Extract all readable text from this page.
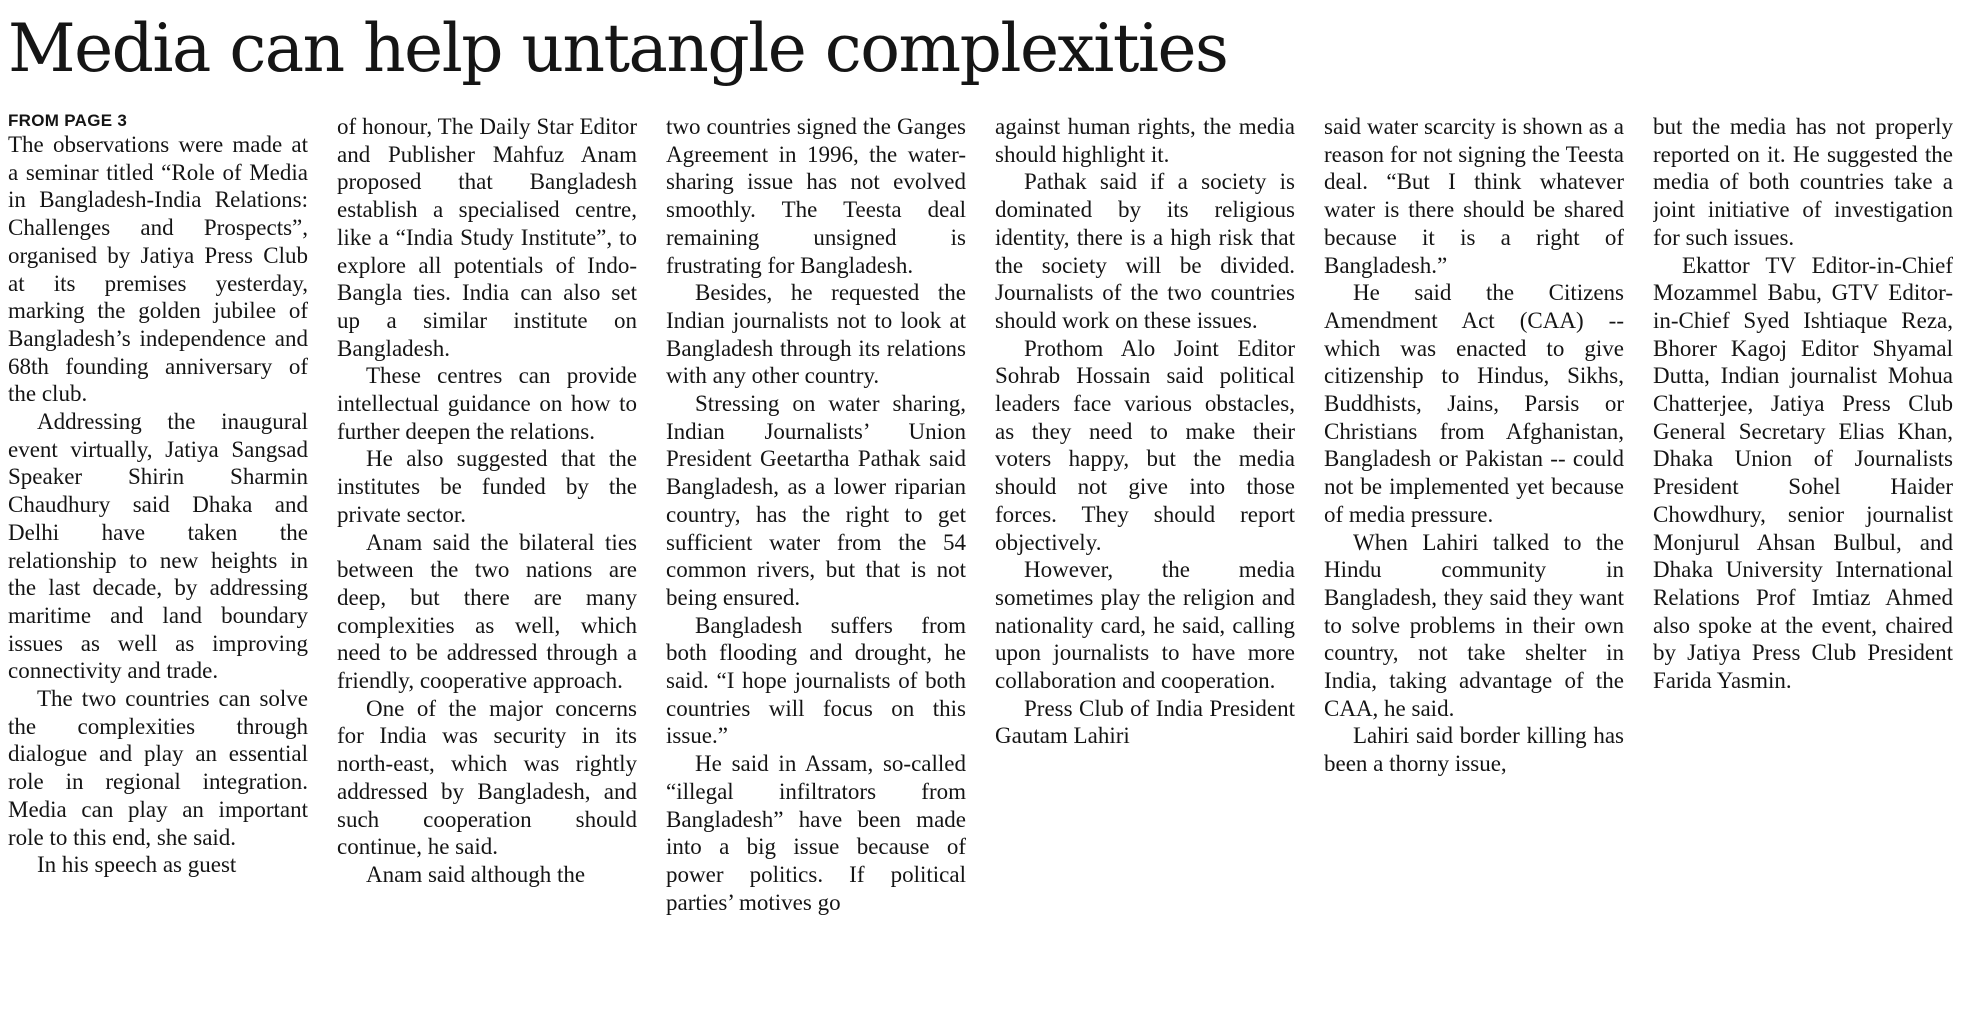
Media can help untangle complexities
FROM PAGE 3

The observations were made at a seminar titled “Role of Media in Bangladesh-India Relations: Challenges and Prospects”, organised by Jatiya Press Club at its premises yesterday, marking the golden jubilee of Bangladesh’s independence and 68th founding anniversary of the club.

Addressing the inaugural event virtually, Jatiya Sangsad Speaker Shirin Sharmin Chaudhury said Dhaka and Delhi have taken the relationship to new heights in the last decade, by addressing maritime and land boundary issues as well as improving connectivity and trade.

The two countries can solve the complexities through dialogue and play an essential role in regional integration. Media can play an important role to this end, she said.

In his speech as guest

of honour, The Daily Star Editor and Publisher Mahfuz Anam proposed that Bangladesh establish a specialised centre, like a “India Study Institute”, to explore all potentials of Indo-Bangla ties. India can also set up a similar institute on Bangladesh.

These centres can provide intellectual guidance on how to further deepen the relations.

He also suggested that the institutes be funded by the private sector.

Anam said the bilateral ties between the two nations are deep, but there are many complexities as well, which need to be addressed through a friendly, cooperative approach.

One of the major concerns for India was security in its north-east, which was rightly addressed by Bangladesh, and such cooperation should continue, he said.

Anam said although the

two countries signed the Ganges Agreement in 1996, the water-sharing issue has not evolved smoothly. The Teesta deal remaining unsigned is frustrating for Bangladesh.

Besides, he requested the Indian journalists not to look at Bangladesh through its relations with any other country.

Stressing on water sharing, Indian Journalists’ Union President Geetartha Pathak said Bangladesh, as a lower riparian country, has the right to get sufficient water from the 54 common rivers, but that is not being ensured.

Bangladesh suffers from both flooding and drought, he said. “I hope journalists of both countries will focus on this issue.”

He said in Assam, so-called “illegal infiltrators from Bangladesh” have been made into a big issue because of power politics. If political parties’ motives go

against human rights, the media should highlight it.

Pathak said if a society is dominated by its religious identity, there is a high risk that the society will be divided. Journalists of the two countries should work on these issues.

Prothom Alo Joint Editor Sohrab Hossain said political leaders face various obstacles, as they need to make their voters happy, but the media should not give into those forces. They should report objectively.

However, the media sometimes play the religion and nationality card, he said, calling upon journalists to have more collaboration and cooperation.

Press Club of India President Gautam Lahiri

said water scarcity is shown as a reason for not signing the Teesta deal. “But I think whatever water is there should be shared because it is a right of Bangladesh.”

He said the Citizens Amendment Act (CAA) -- which was enacted to give citizenship to Hindus, Sikhs, Buddhists, Jains, Parsis or Christians from Afghanistan, Bangladesh or Pakistan -- could not be implemented yet because of media pressure.

When Lahiri talked to the Hindu community in Bangladesh, they said they want to solve problems in their own country, not take shelter in India, taking advantage of the CAA, he said.

Lahiri said border killing has been a thorny issue,

but the media has not properly reported on it. He suggested the media of both countries take a joint initiative of investigation for such issues.

Ekattor TV Editor-in-Chief Mozammel Babu, GTV Editor-in-Chief Syed Ishtiaque Reza, Bhorer Kagoj Editor Shyamal Dutta, Indian journalist Mohua Chatterjee, Jatiya Press Club General Secretary Elias Khan, Dhaka Union of Journalists President Sohel Haider Chowdhury, senior journalist Monjurul Ahsan Bulbul, and Dhaka University International Relations Prof Imtiaz Ahmed also spoke at the event, chaired by Jatiya Press Club President Farida Yasmin.
